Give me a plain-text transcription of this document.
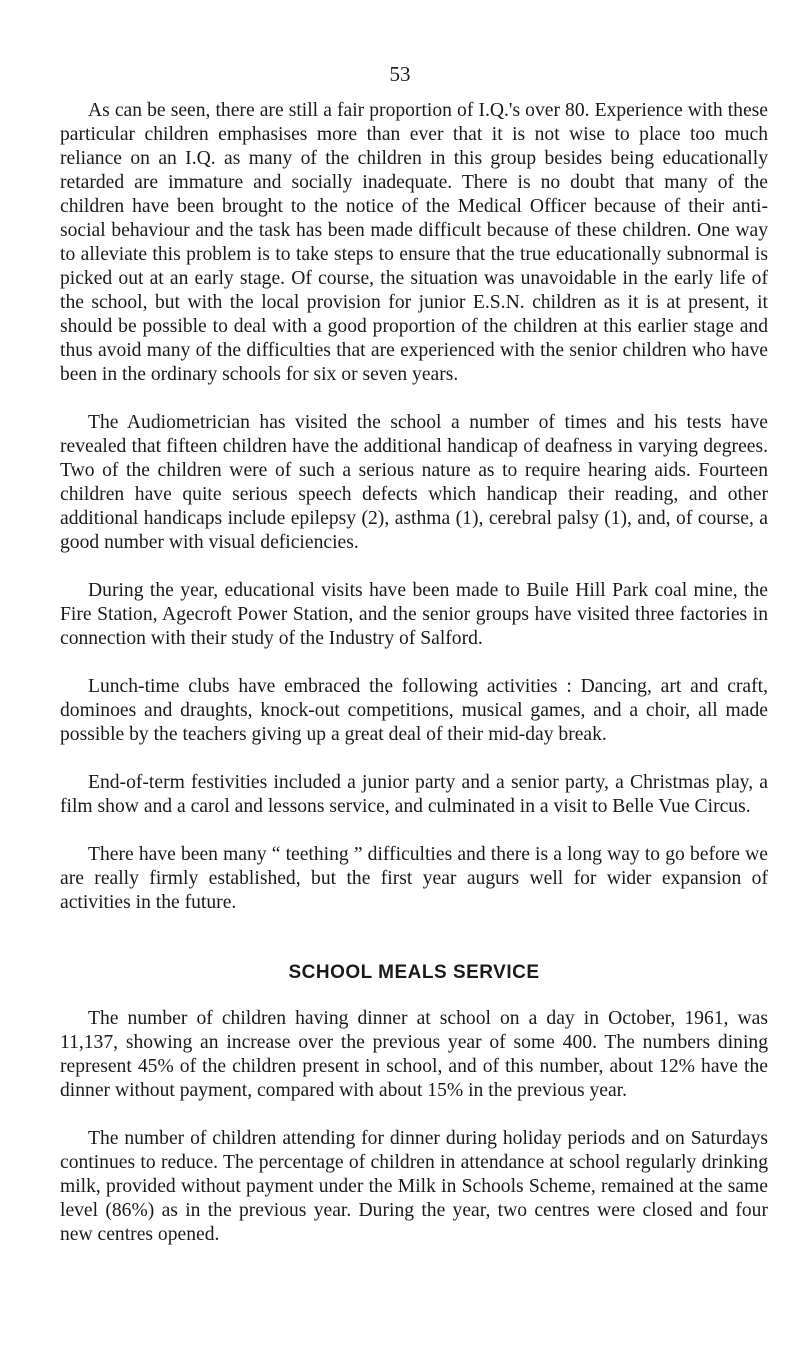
53

As can be seen, there are still a fair proportion of I.Q.'s over 80. Experience with these particular children emphasises more than ever that it is not wise to place too much reliance on an I.Q. as many of the children in this group besides being educationally retarded are immature and socially inadequate. There is no doubt that many of the children have been brought to the notice of the Medical Officer because of their anti-social behaviour and the task has been made difficult because of these children. One way to alleviate this problem is to take steps to ensure that the true educationally subnormal is picked out at an early stage. Of course, the situation was unavoidable in the early life of the school, but with the local provision for junior E.S.N. children as it is at present, it should be possible to deal with a good proportion of the children at this earlier stage and thus avoid many of the difficulties that are experienced with the senior children who have been in the ordinary schools for six or seven years.

The Audiometrician has visited the school a number of times and his tests have revealed that fifteen children have the additional handicap of deafness in varying degrees. Two of the children were of such a serious nature as to require hearing aids. Fourteen children have quite serious speech defects which handicap their reading, and other additional handicaps include epilepsy (2), asthma (1), cerebral palsy (1), and, of course, a good number with visual deficiencies.

During the year, educational visits have been made to Buile Hill Park coal mine, the Fire Station, Agecroft Power Station, and the senior groups have visited three factories in connection with their study of the Industry of Salford.

Lunch-time clubs have embraced the following activities : Dancing, art and craft, dominoes and draughts, knock-out competitions, musical games, and a choir, all made possible by the teachers giving up a great deal of their mid-day break.

End-of-term festivities included a junior party and a senior party, a Christmas play, a film show and a carol and lessons service, and culminated in a visit to Belle Vue Circus.

There have been many “ teething ” difficulties and there is a long way to go before we are really firmly established, but the first year augurs well for wider expansion of activities in the future.

SCHOOL MEALS SERVICE

The number of children having dinner at school on a day in October, 1961, was 11,137, showing an increase over the previous year of some 400. The numbers dining represent 45% of the children present in school, and of this number, about 12% have the dinner without payment, compared with about 15% in the previous year.

The number of children attending for dinner during holiday periods and on Saturdays continues to reduce. The percentage of children in attendance at school regularly drinking milk, provided without payment under the Milk in Schools Scheme, remained at the same level (86%) as in the previous year. During the year, two centres were closed and four new centres opened.
